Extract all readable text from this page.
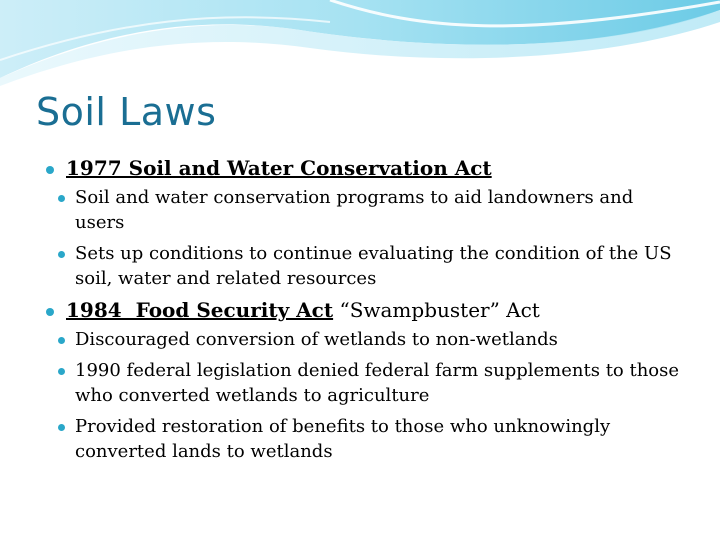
Soil Laws
1977 Soil and Water Conservation Act
Soil and water conservation programs to aid landowners and users
Sets up conditions to continue evaluating the condition of the US soil, water and related resources
1984  Food Security Act “Swampbuster” Act
Discouraged conversion of wetlands to non-wetlands
1990 federal legislation denied federal farm supplements to those who converted wetlands to agriculture
Provided restoration of benefits to those who unknowingly converted lands to wetlands
